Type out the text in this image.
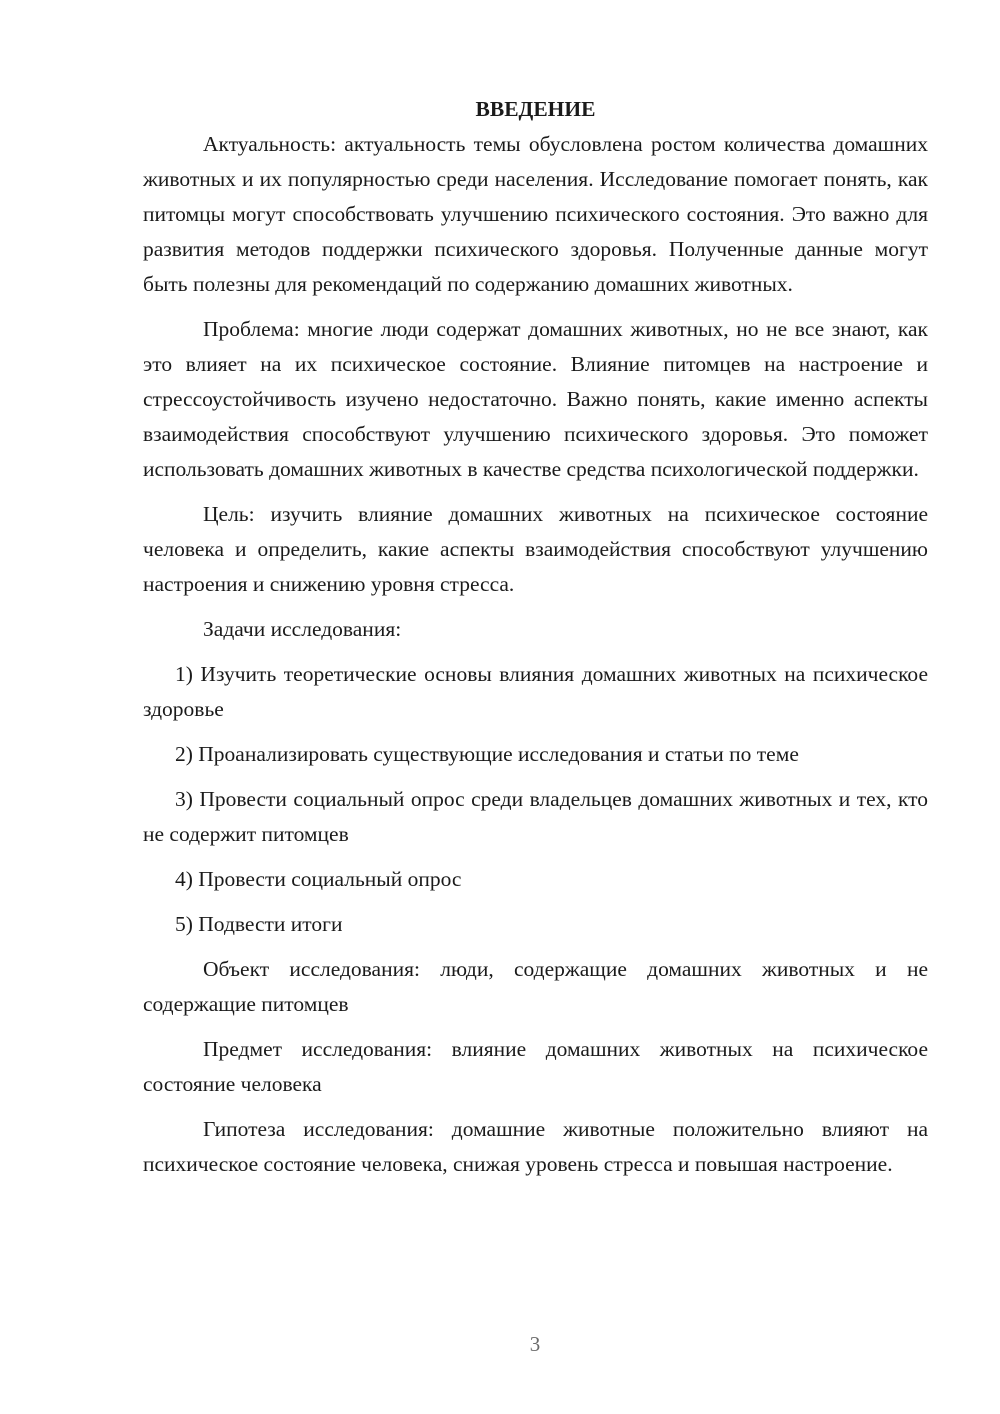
ВВЕДЕНИЕ

Актуальность: актуальность темы обусловлена ростом количества домашних животных и их популярностью среди населения. Исследование помогает понять, как питомцы могут способствовать улучшению психического состояния. Это важно для развития методов поддержки психического здоровья. Полученные данные могут быть полезны для рекомендаций по содержанию домашних животных.

Проблема: многие люди содержат домашних животных, но не все знают, как это влияет на их психическое состояние. Влияние питомцев на настроение и стрессоустойчивость изучено недостаточно. Важно понять, какие именно аспекты взаимодействия способствуют улучшению психического здоровья. Это поможет использовать домашних животных в качестве средства психологической поддержки.

Цель: изучить влияние домашних животных на психическое состояние человека и определить, какие аспекты взаимодействия способствуют улучшению настроения и снижению уровня стресса.

Задачи исследования:

1) Изучить теоретические основы влияния домашних животных на психическое здоровье

2) Проанализировать существующие исследования и статьи по теме

3) Провести социальный опрос среди владельцев домашних животных и тех, кто не содержит питомцев

4) Провести социальный опрос

5) Подвести итоги

Объект исследования: люди, содержащие домашних животных и не содержащие питомцев

Предмет исследования: влияние домашних животных на психическое состояние человека

Гипотеза исследования: домашние животные положительно влияют на психическое состояние человека, снижая уровень стресса и повышая настроение.

3
